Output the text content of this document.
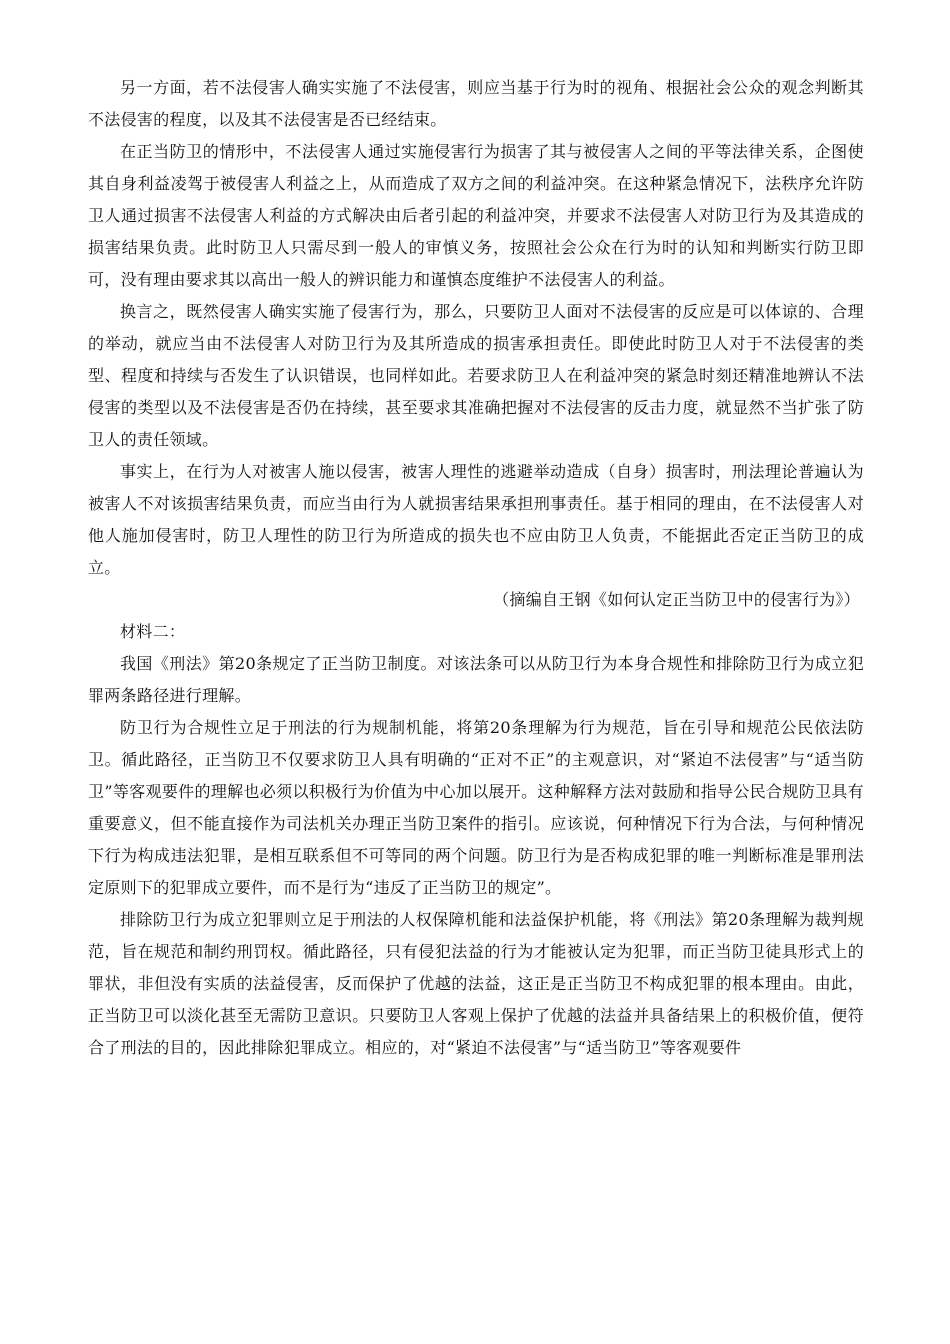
另一方面，若不法侵害人确实实施了不法侵害，则应当基于行为时的视角、根据社会公众的观念判断其不法侵害的程度，以及其不法侵害是否已经结束。

在正当防卫的情形中，不法侵害人通过实施侵害行为损害了其与被侵害人之间的平等法律关系，企图使其自身利益凌驾于被侵害人利益之上，从而造成了双方之间的利益冲突。在这种紧急情况下，法秩序允许防卫人通过损害不法侵害人利益的方式解决由后者引起的利益冲突，并要求不法侵害人对防卫行为及其造成的损害结果负责。此时防卫人只需尽到一般人的审慎义务，按照社会公众在行为时的认知和判断实行防卫即可，没有理由要求其以高出一般人的辨识能力和谨慎态度维护不法侵害人的利益。

换言之，既然侵害人确实实施了侵害行为，那么，只要防卫人面对不法侵害的反应是可以体谅的、合理的举动，就应当由不法侵害人对防卫行为及其所造成的损害承担责任。即使此时防卫人对于不法侵害的类型、程度和持续与否发生了认识错误，也同样如此。若要求防卫人在利益冲突的紧急时刻还精准地辨认不法侵害的类型以及不法侵害是否仍在持续，甚至要求其准确把握对不法侵害的反击力度，就显然不当扩张了防卫人的责任领域。

事实上，在行为人对被害人施以侵害，被害人理性的逃避举动造成（自身）损害时，刑法理论普遍认为被害人不对该损害结果负责，而应当由行为人就损害结果承担刑事责任。基于相同的理由，在不法侵害人对他人施加侵害时，防卫人理性的防卫行为所造成的损失也不应由防卫人负责，不能据此否定正当防卫的成立。

（摘编自王钢《如何认定正当防卫中的侵害行为》）

材料二：

我国《刑法》第20条规定了正当防卫制度。对该法条可以从防卫行为本身合规性和排除防卫行为成立犯罪两条路径进行理解。

防卫行为合规性立足于刑法的行为规制机能，将第20条理解为行为规范，旨在引导和规范公民依法防卫。循此路径，正当防卫不仅要求防卫人具有明确的“正对不正”的主观意识，对“紧迫不法侵害”与“适当防卫”等客观要件的理解也必须以积极行为价值为中心加以展开。这种解释方法对鼓励和指导公民合规防卫具有重要意义，但不能直接作为司法机关办理正当防卫案件的指引。应该说，何种情况下行为合法，与何种情况下行为构成违法犯罪，是相互联系但不可等同的两个问题。防卫行为是否构成犯罪的唯一判断标准是罪刑法定原则下的犯罪成立要件，而不是行为“违反了正当防卫的规定”。

排除防卫行为成立犯罪则立足于刑法的人权保障机能和法益保护机能，将《刑法》第20条理解为裁判规范，旨在规范和制约刑罚权。循此路径，只有侵犯法益的行为才能被认定为犯罪，而正当防卫徒具形式上的罪状，非但没有实质的法益侵害，反而保护了优越的法益，这正是正当防卫不构成犯罪的根本理由。由此，正当防卫可以淡化甚至无需防卫意识。只要防卫人客观上保护了优越的法益并具备结果上的积极价值，便符合了刑法的目的，因此排除犯罪成立。相应的，对“紧迫不法侵害”与“适当防卫”等客观要件
